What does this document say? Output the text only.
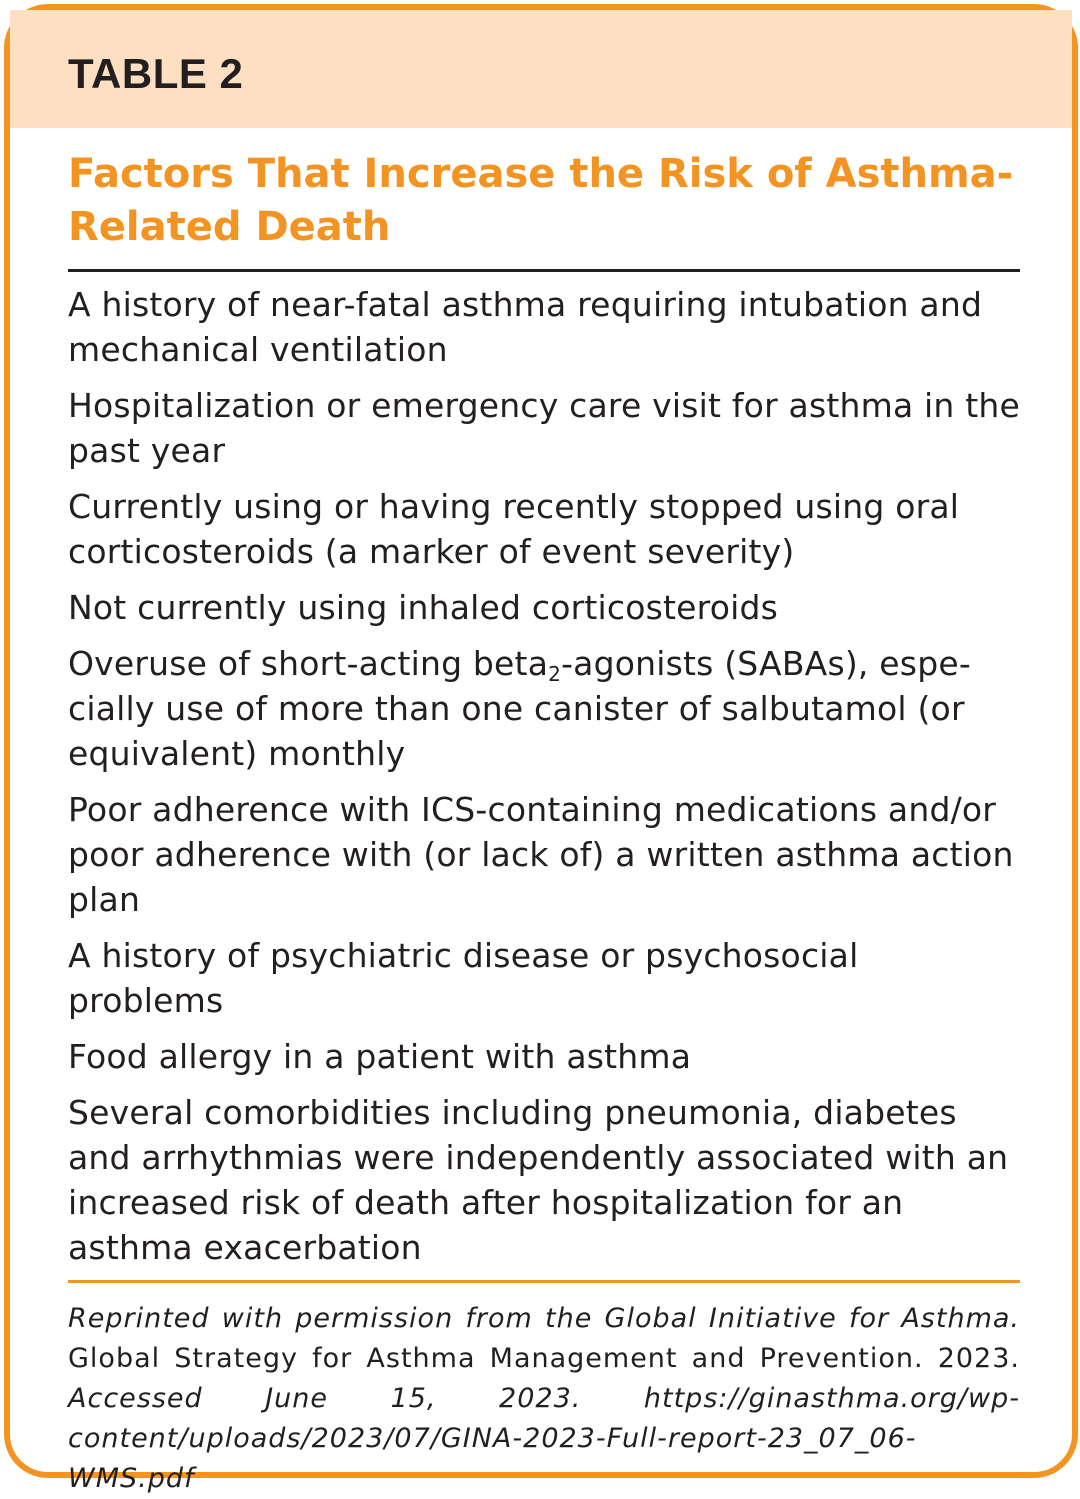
TABLE 2
Factors That Increase the Risk of Asthma-Related Death
A history of near-fatal asthma requiring intubation and mechanical ventilation
Hospitalization or emergency care visit for asthma in the past year
Currently using or having recently stopped using oral corticosteroids (a marker of event severity)
Not currently using inhaled corticosteroids
Overuse of short-acting beta$_2$-agonists (SABAs), espe-cially use of more than one canister of salbutamol (or equivalent) monthly
Poor adherence with ICS-containing medications and/or poor adherence with (or lack of) a written asthma action plan
A history of psychiatric disease or psychosocial problems
Food allergy in a patient with asthma
Several comorbidities including pneumonia, diabetes and arrhythmias were independently associated with an increased risk of death after hospitalization for an asthma exacerbation

Reprinted with permission from the Global Initiative for Asthma. Global Strategy for Asthma Management and Prevention. 2023. Accessed June 15, 2023. https://ginasthma.org/wp-content/uploads/2023/07/GINA-2023-Full-report-23_07_06-WMS.pdf
